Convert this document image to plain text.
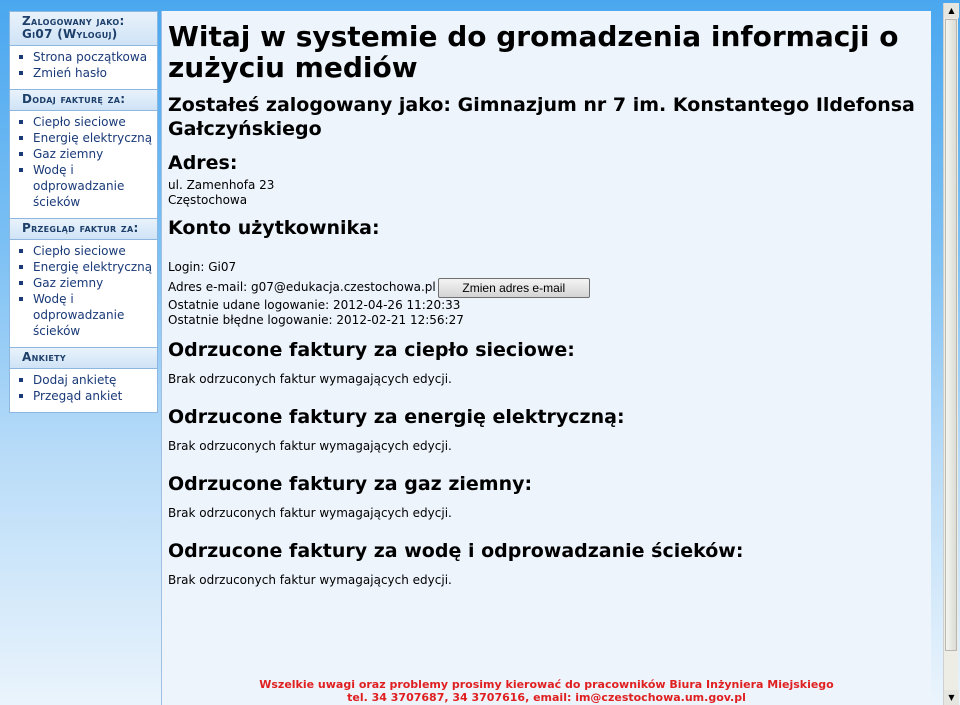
Zalogowany jako: Gi07 (Wyloguj)
Strona początkowa
Zmień hasło
Dodaj fakturę za:
Ciepło sieciowe
Energię elektryczną
Gaz ziemny
Wodę i odprowadzanie ścieków
Przegląd faktur za:
Ciepło sieciowe
Energię elektryczną
Gaz ziemny
Wodę i odprowadzanie ścieków
Ankiety
Dodaj ankietę
Przegąd ankiet
Witaj w systemie do gromadzenia informacji o zużyciu mediów
Zostałeś zalogowany jako: Gimnazjum nr 7 im. Konstantego Ildefonsa Gałczyńskiego
Adres:

ul. Zamenhofa 23

Częstochowa

Konto użytkownika:

Login: Gi07

Adres e-mail: g07@edukacja.czestochowa.pl Zmien adres e-mail

Ostatnie udane logowanie: 2012-04-26 11:20:33

Ostatnie błędne logowanie: 2012-02-21 12:56:27

Odrzucone faktury za ciepło sieciowe:

Brak odrzuconych faktur wymagających edycji.

Odrzucone faktury za energię elektryczną:

Brak odrzuconych faktur wymagających edycji.

Odrzucone faktury za gaz ziemny:

Brak odrzuconych faktur wymagających edycji.

Odrzucone faktury za wodę i odprowadzanie ścieków:

Brak odrzuconych faktur wymagających edycji.

Wszelkie uwagi oraz problemy prosimy kierować do pracowników Biura Inżyniera Miejskiego
tel. 34 3707687, 34 3707616, email: im@czestochowa.um.gov.pl
▲
▼
